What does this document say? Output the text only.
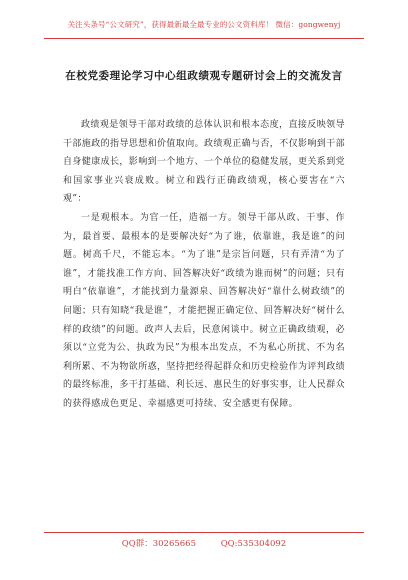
关注头条号“公文研究”，获得最新最全最专业的公文资料库！ 微信：gongwenyj
在校党委理论学习中心组政绩观专题研讨会上的交流发言

政绩观是领导干部对政绩的总体认识和根本态度，直接反映领导干部施政的指导思想和价值取向。政绩观正确与否，不仅影响到干部自身健康成长，影响到一个地方、一个单位的稳健发展，更关系到党和国家事业兴衰成败。树立和践行正确政绩观，核心要害在“六观”：

一是观根本。为官一任，造福一方。领导干部从政、干事、作为，最首要、最根本的是要解决好“为了谁，依靠谁，我是谁”的问题。树高千尺，不能忘本。“为了谁”是宗旨问题，只有弄清“为了谁”，才能找准工作方向、回答解决好“政绩为谁而树”的问题；只有明白“依靠谁”，才能找到力量源泉、回答解决好“靠什么树政绩”的问题；只有知晓“我是谁”，才能把握正确定位、回答解决好“树什么样的政绩”的问题。政声人去后，民意闲谈中。树立正确政绩观，必须以“立党为公、执政为民”为根本出发点，不为私心所扰、不为名利所累、不为物欲所惑，坚持把经得起群众和历史检验作为评判政绩的最终标准，多干打基础、利长远、惠民生的好事实事，让人民群众的获得感成色更足、幸福感更可持续、安全感更有保障。

QQ群：30265665	QQ:535304092
